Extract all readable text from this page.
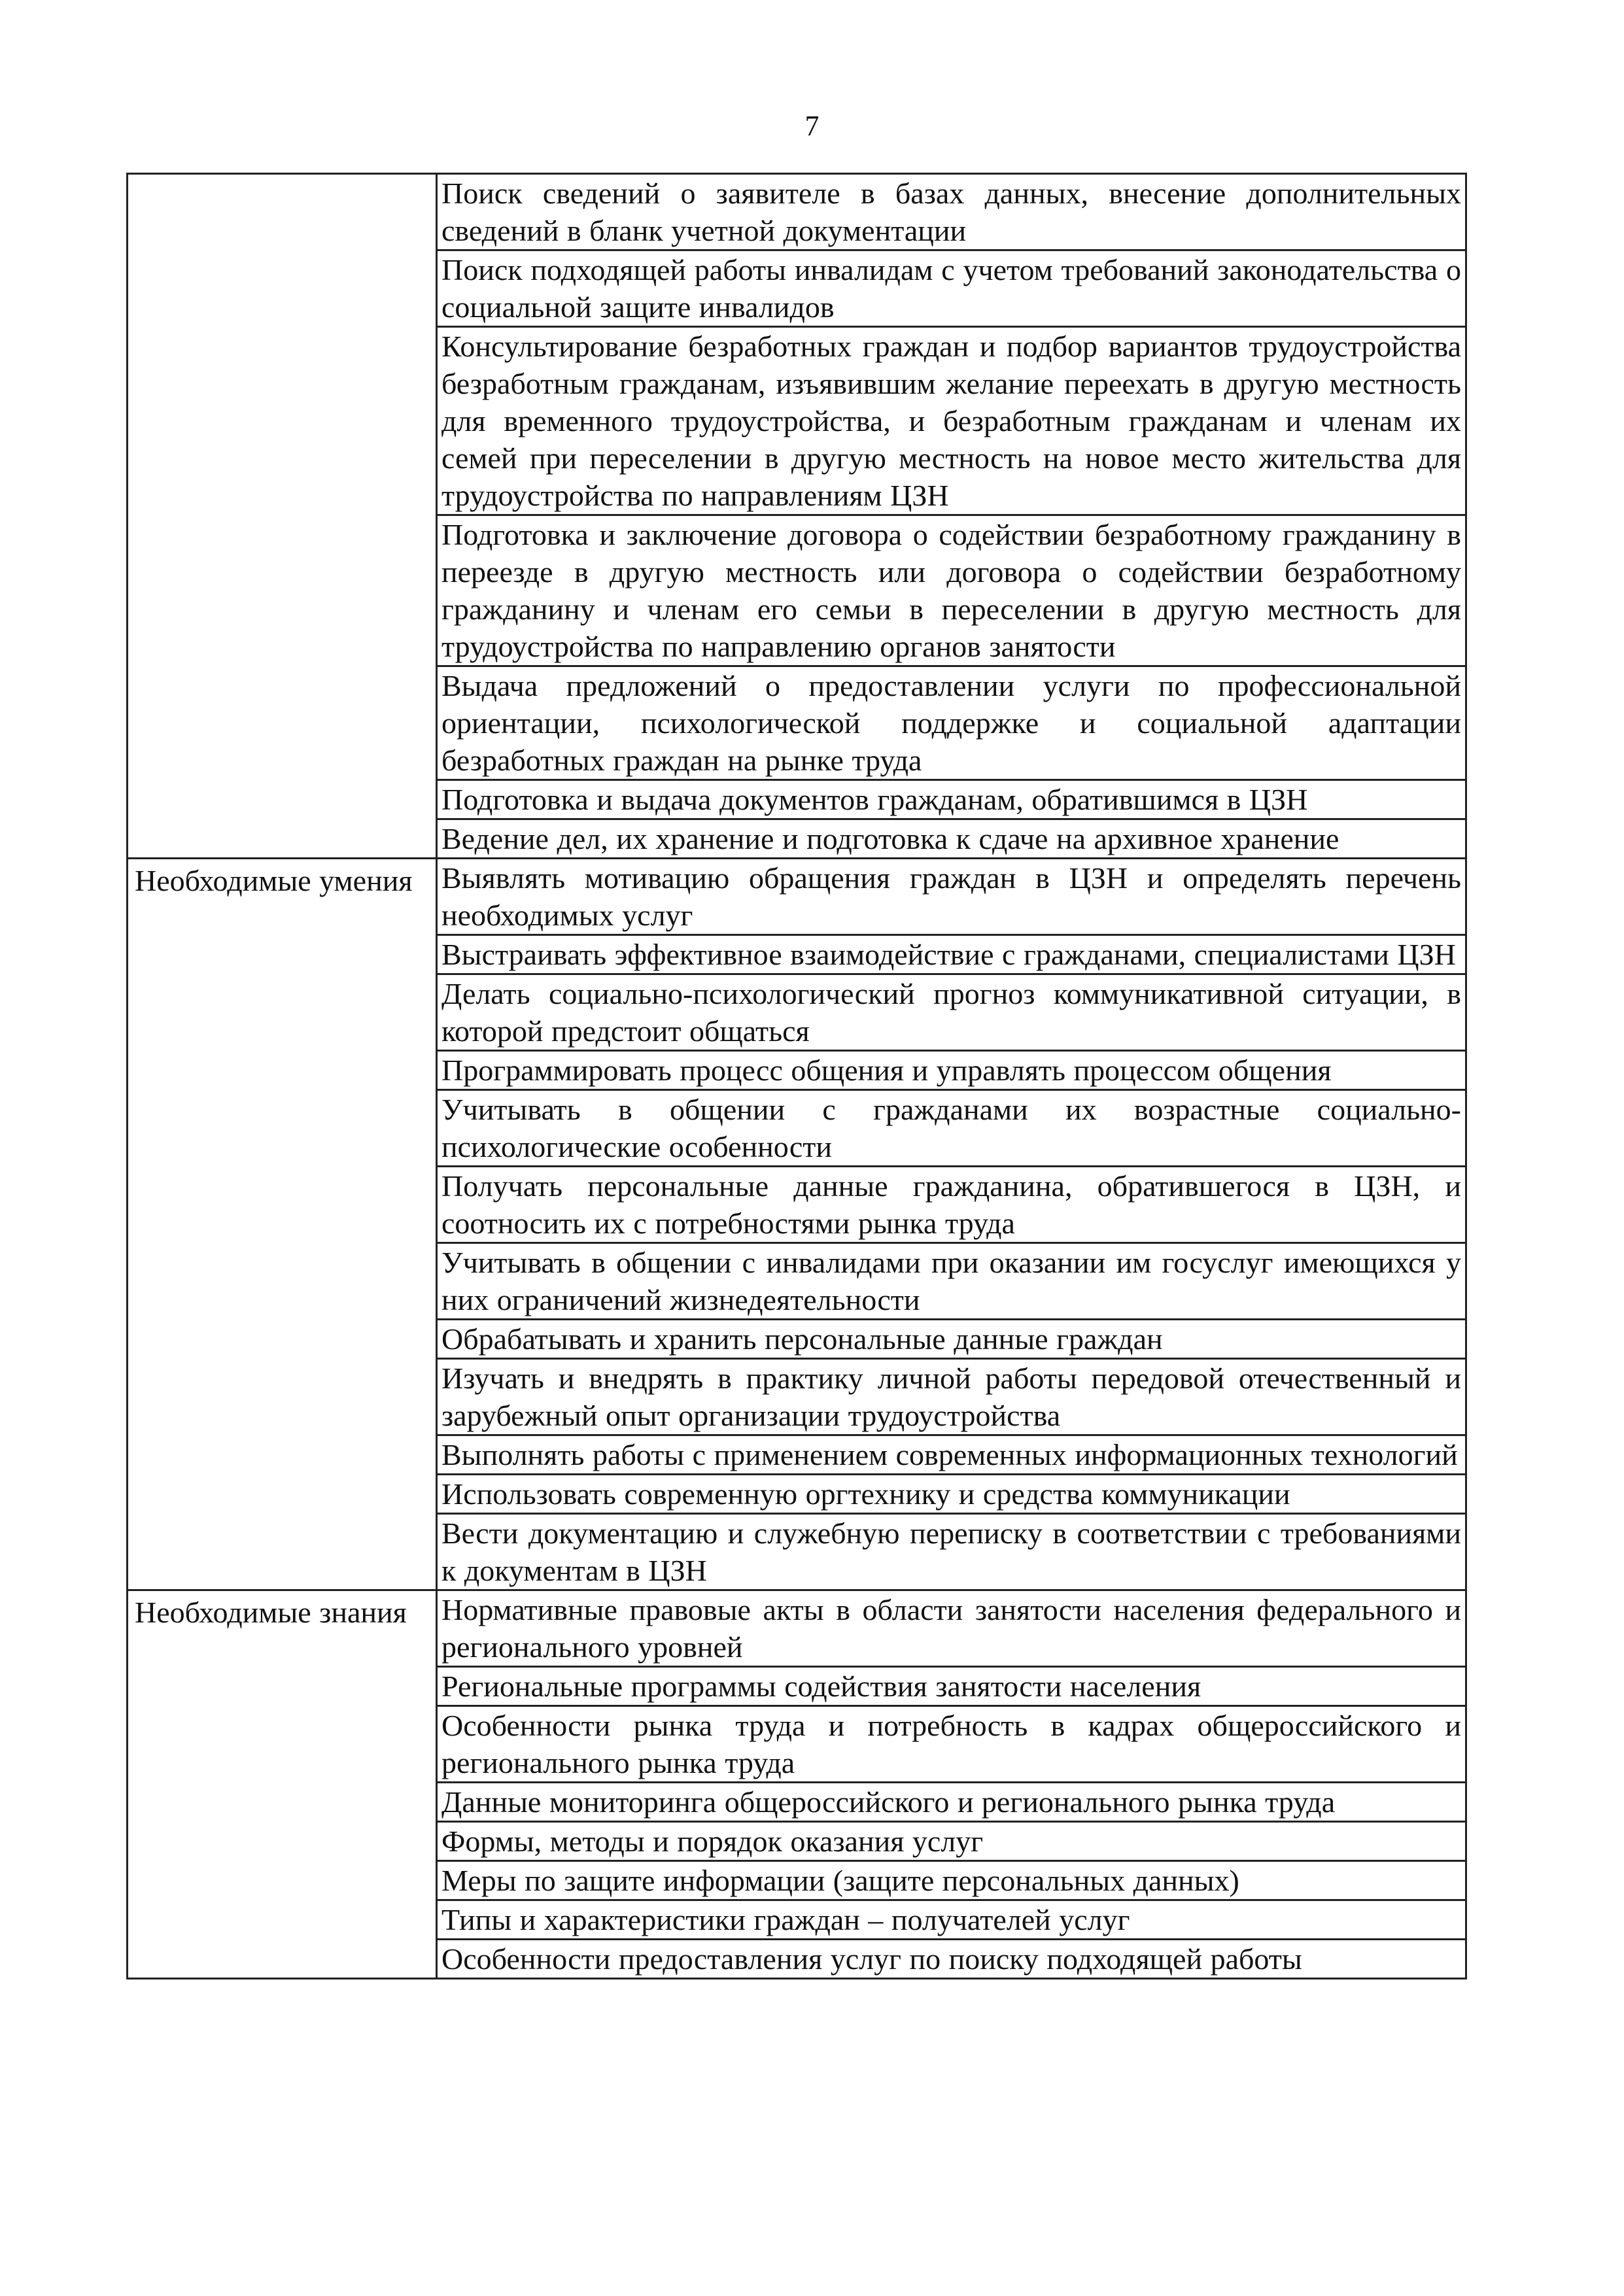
7

	Поиск сведений о заявителе в базах данных, внесение дополнительных сведений в бланк учетной документации

	Поиск подходящей работы инвалидам с учетом требований законодательства о социальной защите инвалидов

	Консультирование безработных граждан и подбор вариантов трудоустройства безработным гражданам, изъявившим желание переехать в другую местность для временного трудоустройства, и безработным гражданам и членам их семей при переселении в другую местность на новое место жительства для трудоустройства по направлениям ЦЗН

	Подготовка и заключение договора о содействии безработному гражданину в переезде в другую местность или договора о содействии безработному гражданину и членам его семьи в переселении в другую местность для трудоустройства по направлению органов занятости

	Выдача предложений о предоставлении услуги по профессиональной ориентации, психологической поддержке и социальной адаптации безработных граждан на рынке труда

	Подготовка и выдача документов гражданам, обратившимся в ЦЗН

	Ведение дел, их хранение и подготовка к сдаче на архивное хранение

Необходимые умения	Выявлять мотивацию обращения граждан в ЦЗН и определять перечень необходимых услуг

	Выстраивать эффективное взаимодействие с гражданами, специалистами ЦЗН

	Делать социально-психологический прогноз коммуникативной ситуации, в которой предстоит общаться

	Программировать процесс общения и управлять процессом общения

	Учитывать в общении с гражданами их возрастные социально-психологические особенности

	Получать персональные данные гражданина, обратившегося в ЦЗН, и соотносить их с потребностями рынка труда

	Учитывать в общении с инвалидами при оказании им госуслуг имеющихся у них ограничений жизнедеятельности

	Обрабатывать и хранить персональные данные граждан

	Изучать и внедрять в практику личной работы передовой отечественный и зарубежный опыт организации трудоустройства

	Выполнять работы с применением современных информационных технологий

	Использовать современную оргтехнику и средства коммуникации

	Вести документацию и служебную переписку в соответствии с требованиями к документам в ЦЗН

Необходимые знания	Нормативные правовые акты в области занятости населения федерального и регионального уровней

	Региональные программы содействия занятости населения

	Особенности рынка труда и потребность в кадрах общероссийского и регионального рынка труда

	Данные мониторинга общероссийского и регионального рынка труда

	Формы, методы и порядок оказания услуг

	Меры по защите информации (защите персональных данных)

	Типы и характеристики граждан – получателей услуг

	Особенности предоставления услуг по поиску подходящей работы
